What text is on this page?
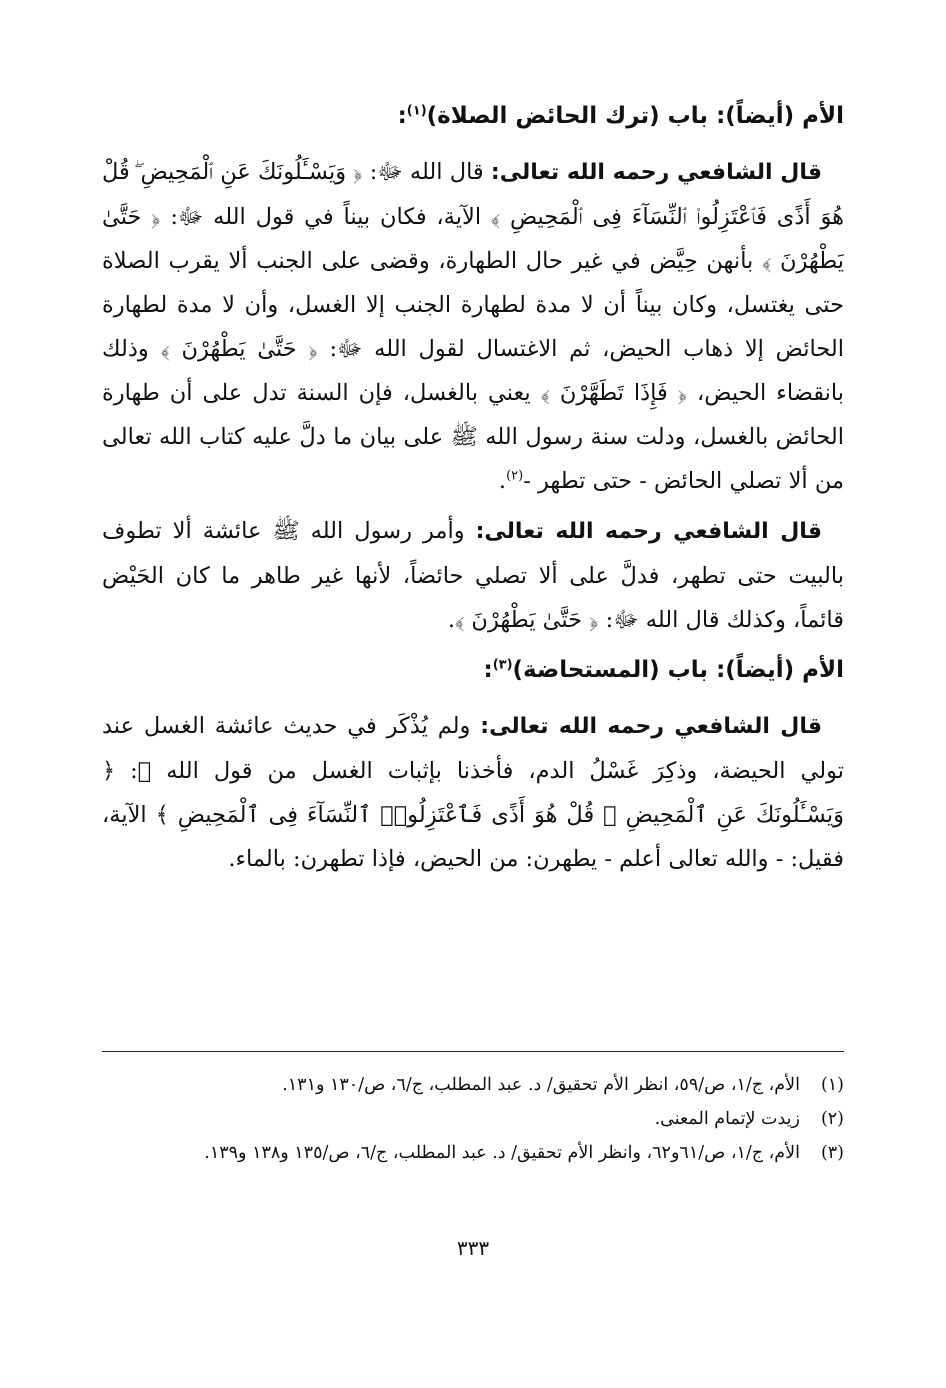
الأم (أيضاً): باب (ترك الحائض الصلاة)$^{(١)}$:

قال الشافعي رحمه الله تعالى: قال الله ﷻ: ﴿ وَيَسْـَٔلُونَكَ عَنِ ٱلْمَحِيضِ ۖ قُلْ هُوَ أَذًى فَٱعْتَزِلُوا۟ ٱلنِّسَآءَ فِى ٱلْمَحِيضِ ﴾ الآية، فكان بيناً في قول الله ﷻ: ﴿ حَتَّىٰ يَطْهُرْنَ ﴾ بأنهن حِيَّض في غير حال الطهارة، وقضى على الجنب ألا يقرب الصلاة حتى يغتسل، وكان بيناً أن لا مدة لطهارة الجنب إلا الغسل، وأن لا مدة لطهارة الحائض إلا ذهاب الحيض، ثم الاغتسال لقول الله ﷻ: ﴿ حَتَّىٰ يَطْهُرْنَ ﴾ وذلك بانقضاء الحيض، ﴿ فَإِذَا تَطَهَّرْنَ ﴾ يعني بالغسل، فإن السنة تدل على أن طهارة الحائض بالغسل، ودلت سنة رسول الله ﷺ على بيان ما دلَّ عليه كتاب الله تعالى من ألا تصلي الحائض - حتى تطهر -$^{(٢)}$.

قال الشافعي رحمه الله تعالى: وأمر رسول الله ﷺ عائشة ألا تطوف بالبيت حتى تطهر، فدلَّ على ألا تصلي حائضاً، لأنها غير طاهر ما كان الحَيْض قائماً، وكذلك قال الله ﷻ: ﴿ حَتَّىٰ يَطْهُرْنَ ﴾.

الأم (أيضاً): باب (المستحاضة)$^{(٣)}$:

قال الشافعي رحمه الله تعالى: ولم يُذْكَر في حديث عائشة الغسل عند تولي الحيضة، وذكِرَ غَسْلُ الدم، فأخذنا بإثبات الغسل من قول الله ﷻ: ﴿ وَيَسْـَٔلُونَكَ عَنِ ٱلْمَحِيضِ ۖ قُلْ هُوَ أَذًى فَٱعْتَزِلُوا۟ ٱلنِّسَآءَ فِى ٱلْمَحِيضِ ﴾ الآية، فقيل: - والله تعالى أعلم - يطهرن: من الحيض، فإذا تطهرن: بالماء.

(١)
الأم، ج/١، ص/٥٩، انظر الأم تحقيق/ د. عبد المطلب، ج/٦، ص/١٣٠ و١٣١.
(٢)
زيدت لإتمام المعنى.
(٣)
الأم، ج/١، ص/٦١و٦٢، وانظر الأم تحقيق/ د. عبد المطلب، ج/٦، ص/١٣٥ و١٣٨ و١٣٩.
٣٣٣
